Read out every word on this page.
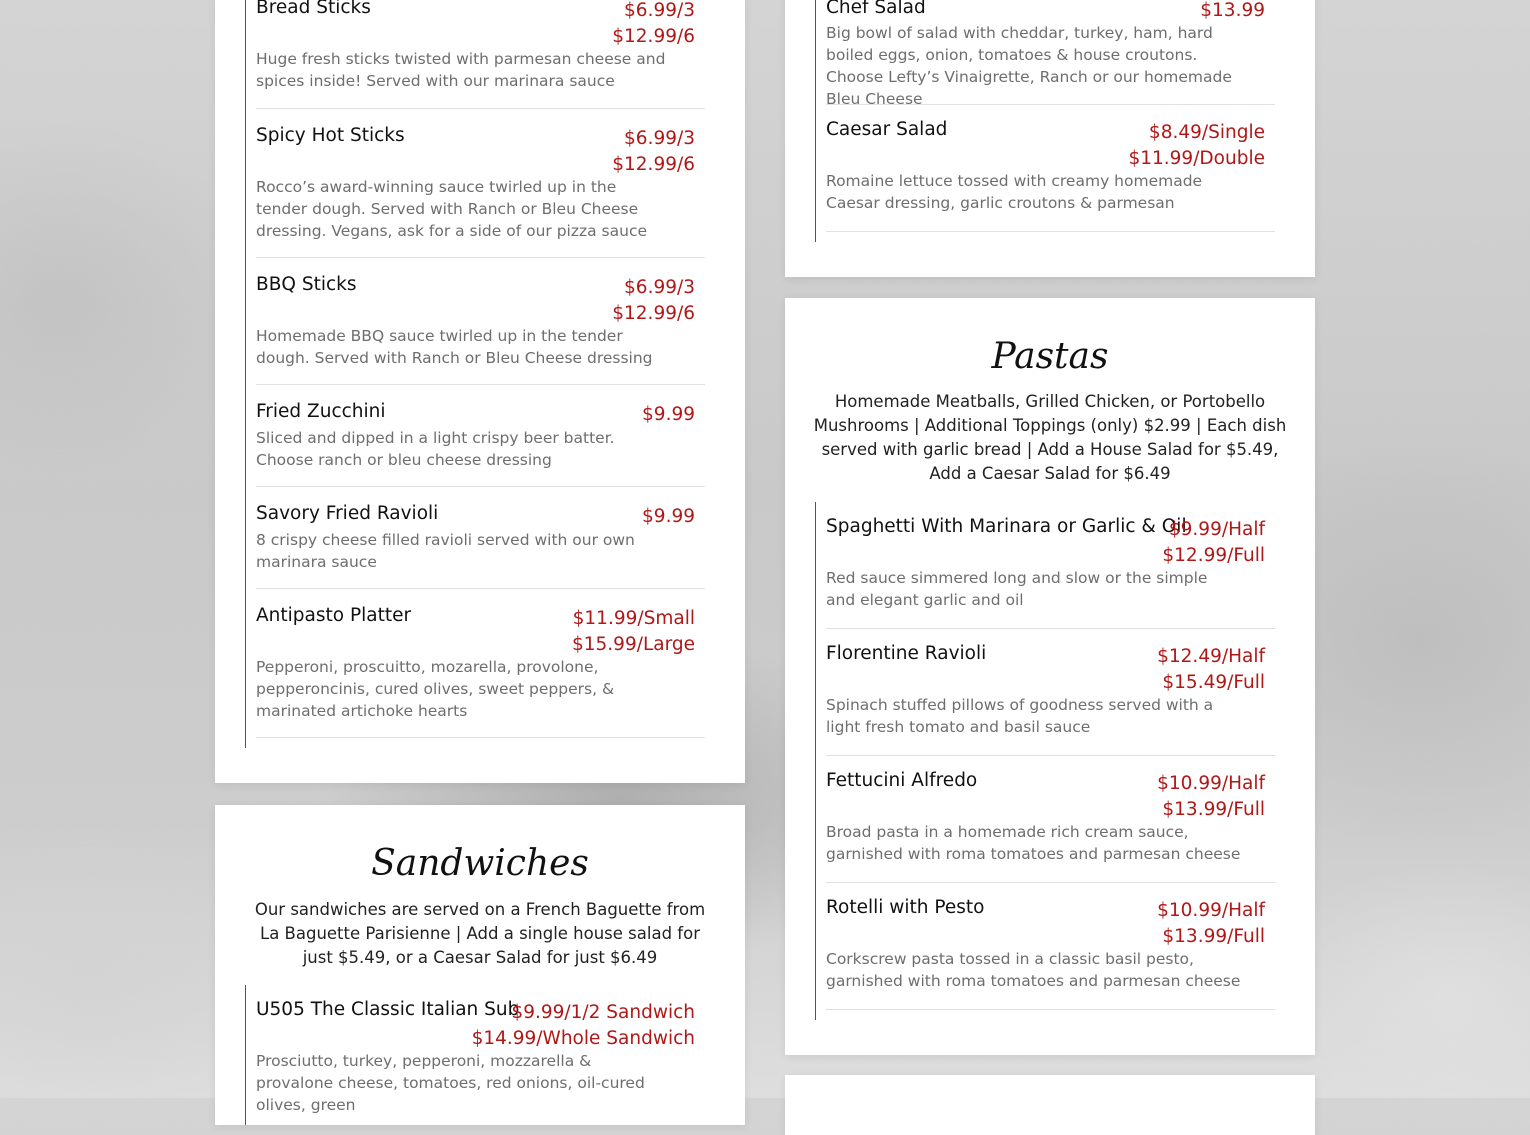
Bread Sticks	$6.99/3
$12.99/6
Huge fresh sticks twisted with parmesan cheese and spices inside! Served with our marinara sauce
Spicy Hot Sticks	$6.99/3
$12.99/6
Rocco’s award-winning sauce twirled up in the tender dough. Served with Ranch or Bleu Cheese dressing. Vegans, ask for a side of our pizza sauce
BBQ Sticks	$6.99/3
$12.99/6
Homemade BBQ sauce twirled up in the tender dough. Served with Ranch or Bleu Cheese dressing
Fried Zucchini	$9.99
Sliced and dipped in a light crispy beer batter. Choose ranch or bleu cheese dressing
Savory Fried Ravioli	$9.99
8 crispy cheese filled ravioli served with our own marinara sauce
Antipasto Platter	$11.99/Small
$15.99/Large
Pepperoni, proscuitto, mozarella, provolone, pepperoncinis, cured olives, sweet peppers, & marinated artichoke hearts
Sandwiches
Our sandwiches are served on a French Baguette from La Baguette Parisienne | Add a single house salad for just $5.49, or a Caesar Salad for just $6.49
U505 The Classic Italian Sub
$9.99/1/2 Sandwich
$14.99/Whole Sandwich
Prosciutto, turkey, pepperoni, mozzarella & provalone cheese, tomatoes, red onions, oil-cured olives, green
Chef Salad	$13.99
Big bowl of salad with cheddar, turkey, ham, hard boiled eggs, onion, tomatoes & house croutons. Choose Lefty’s Vinaigrette, Ranch or our homemade Bleu Cheese
Caesar Salad	$8.49/Single
$11.99/Double
Romaine lettuce tossed with creamy homemade Caesar dressing, garlic croutons & parmesan
Pastas
Homemade Meatballs, Grilled Chicken, or Portobello Mushrooms | Additional Toppings (only) $2.99 | Each dish served with garlic bread | Add a House Salad for $5.49, Add a Caesar Salad for $6.49
Spaghetti With Marinara or Garlic & Oil
$9.99/Half
$12.99/Full
Red sauce simmered long and slow or the simple and elegant garlic and oil
Florentine Ravioli	$12.49/Half
$15.49/Full
Spinach stuffed pillows of goodness served with a light fresh tomato and basil sauce
Fettucini Alfredo	$10.99/Half
$13.99/Full
Broad pasta in a homemade rich cream sauce, garnished with roma tomatoes and parmesan cheese
Rotelli with Pesto	$10.99/Half
$13.99/Full
Corkscrew pasta tossed in a classic basil pesto, garnished with roma tomatoes and parmesan cheese
